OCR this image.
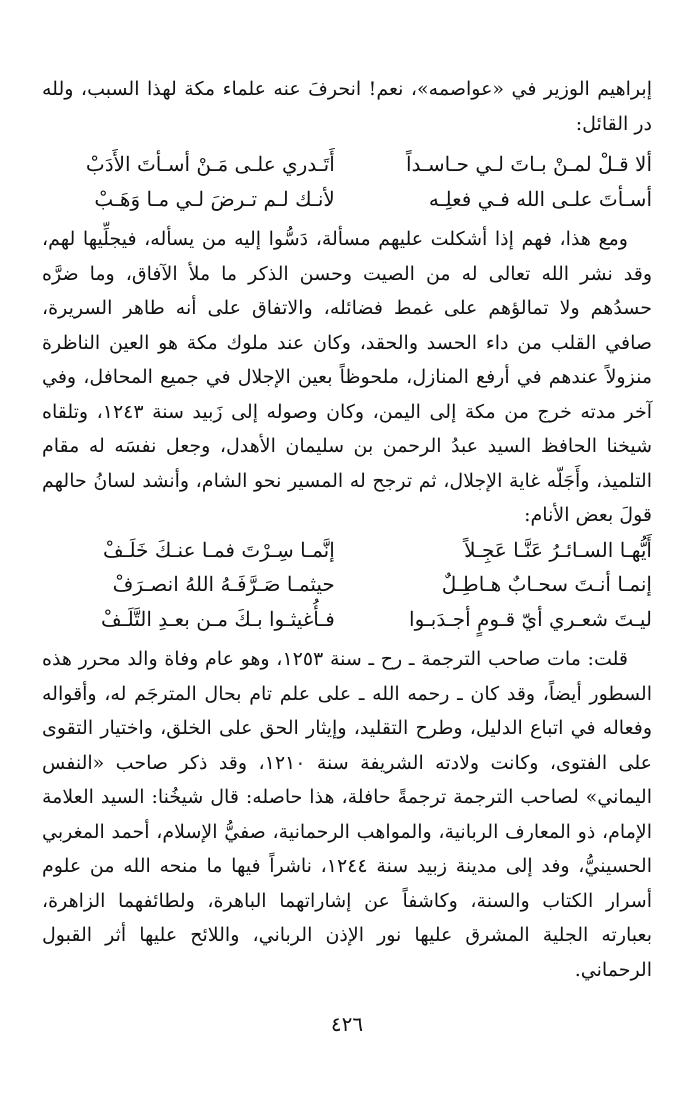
إبراهيم الوزير في «عواصمه»، نعم! انحرفَ عنه علماء مكة لهذا السبب، ولله در القائل:

ألا قـلْ لمـنْ بـاتَ لـي حـاسـداً
أَتَـدري علـى مَـنْ أسـأتَ الأَدَبْ
أسـأتَ علـى الله فـي فعلِـه
لأنـك لـم تـرضَ لـي مـا وَهَـبْ

ومع هذا، فهم إذا أشكلت عليهم مسألة، دَسُّوا إليه من يسأله، فيجلِّيها لهم، وقد نشر الله تعالى له من الصيت وحسن الذكر ما ملأ الآفاق، وما ضرَّه حسدُهم ولا تمالؤهم على غمط فضائله، والاتفاق على أنه طاهر السريرة، صافي القلب من داء الحسد والحقد، وكان عند ملوك مكة هو العين الناظرة منزولاً عندهم في أرفع المنازل، ملحوظاً بعين الإجلال في جميع المحافل، وفي آخر مدته خرج من مكة إلى اليمن، وكان وصوله إلى زَبيد سنة ١٢٤٣، وتلقاه شيخنا الحافظ السيد عبدُ الرحمن بن سليمان الأهدل، وجعل نفسَه له مقام التلميذ، وأَجَلّه غاية الإجلال، ثم ترجح له المسير نحو الشام، وأنشد لسانُ حالهم قولَ بعض الأنام:

أَيُّهـا السـائـرُ عَنَّـا عَجِـلاً
إنَّمـا سِـرْتَ فمـا عنـكَ خَلَـفْ
إنمـا أنـتَ سحـابٌ هـاطِـلٌ
حيثمـا صَـرَّفَـهُ اللهُ انصـرَفْ
ليـتَ شعـري أيّ قـومٍ أجـدَبـوا
فـأُغيثـوا بـكَ مـن بعـدِ التَّلَـفْ

قلت: مات صاحب الترجمة ـ رح ـ سنة ١٢٥٣، وهو عام وفاة والد محرر هذه السطور أيضاً، وقد كان ـ رحمه الله ـ على علم تام بحال المترجَم له، وأقواله وفعاله في اتباع الدليل، وطرح التقليد، وإيثار الحق على الخلق، واختيار التقوى على الفتوى، وكانت ولادته الشريفة سنة ١٢١٠، وقد ذكر صاحب «النفس اليماني» لصاحب الترجمة ترجمةً حافلة، هذا حاصله: قال شيخُنا: السيد العلامة الإمام، ذو المعارف الربانية، والمواهب الرحمانية، صفيُّ الإسلام، أحمد المغربي الحسينيُّ، وفد إلى مدينة زبيد سنة ١٢٤٤، ناشراً فيها ما منحه الله من علوم أسرار الكتاب والسنة، وكاشفاً عن إشاراتهما الباهرة، ولطائفهما الزاهرة، بعبارته الجلية المشرق عليها نور الإذن الرباني، واللائح عليها أثر القبول الرحماني.

٤٢٦
